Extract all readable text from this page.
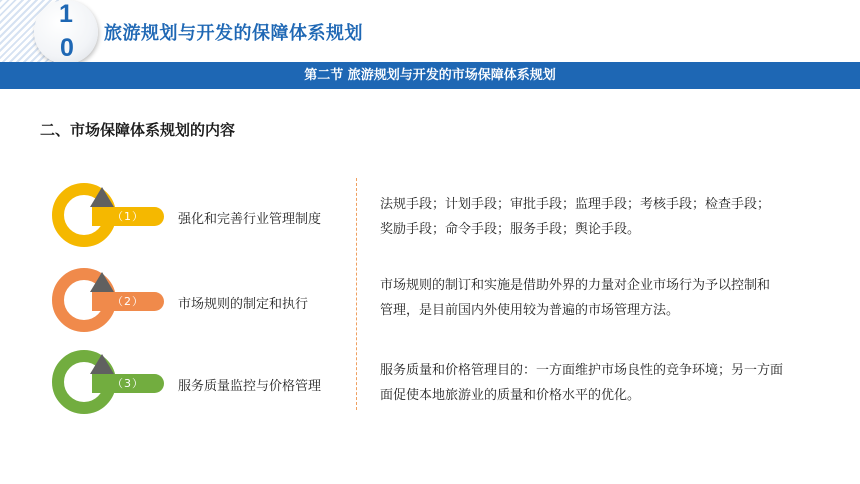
1
0
旅游规划与开发的保障体系规划
第二节 旅游规划与开发的市场保障体系规划
二、市场保障体系规划的内容
（1）	强化和完善行业管理制度
（2）	市场规则的制定和执行
（3）	服务质量监控与价格管理
法规手段；计划手段；审批手段；监理手段；考核手段；检查手段；
奖励手段；命令手段；服务手段；舆论手段。
市场规则的制订和实施是借助外界的力量对企业市场行为予以控制和
管理，是目前国内外使用较为普遍的市场管理方法。
服务质量和价格管理目的：一方面维护市场良性的竞争环境；另一方面
面促使本地旅游业的质量和价格水平的优化。
